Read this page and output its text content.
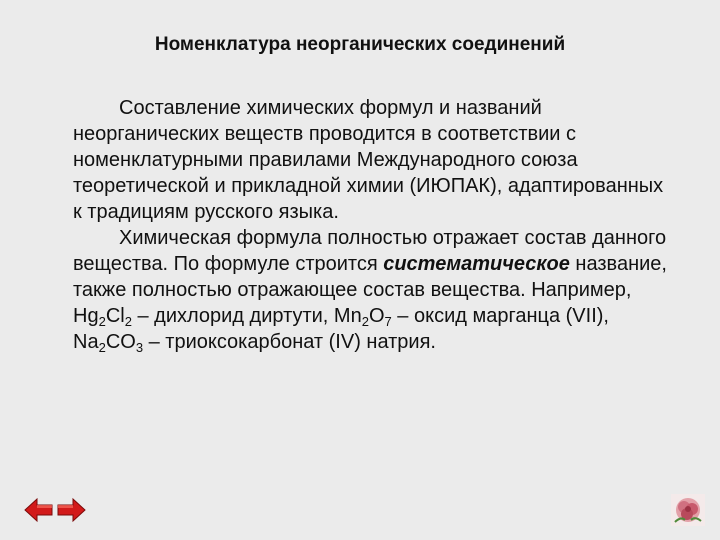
Номенклатура неорганических соединений

Составление химических формул и названий неорганических веществ проводится в соответствии с номенклатурными правилами Международного союза теоретической и прикладной химии (ИЮПАК), адаптированных к традициям русского языка.

Химическая формула полностью отражает состав данного вещества. По формуле строится систематическое название, также полностью отражающее состав вещества. Например, $Hg_2Cl_2$ – дихлорид диртути, $Mn_2O_7$ – оксид марганца (VII), $Na_2CO_3$ – триоксокарбонат (IV) натрия.
